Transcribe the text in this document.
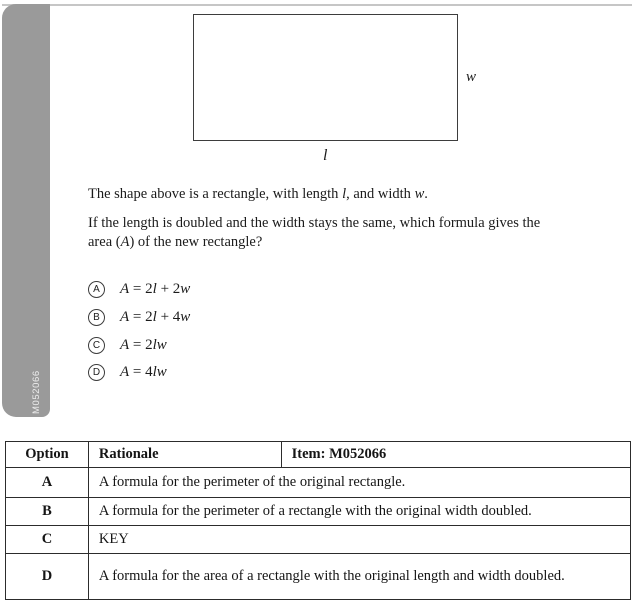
M052066
w
l

The shape above is a rectangle, with length l, and width w.

If the length is doubled and the width stays the same, which formula gives the
area (A) of the new rectangle?

A	A = 2l + 2w
B	A = 2l + 4w
C	A = 2lw
D	A = 4lw
Option	Rationale	Item: M052066
A	A formula for the perimeter of the original rectangle.	
B	A formula for the perimeter of a rectangle with the original width doubled.	
C	KEY	
D	A formula for the area of a rectangle with the original length and width doubled.	
